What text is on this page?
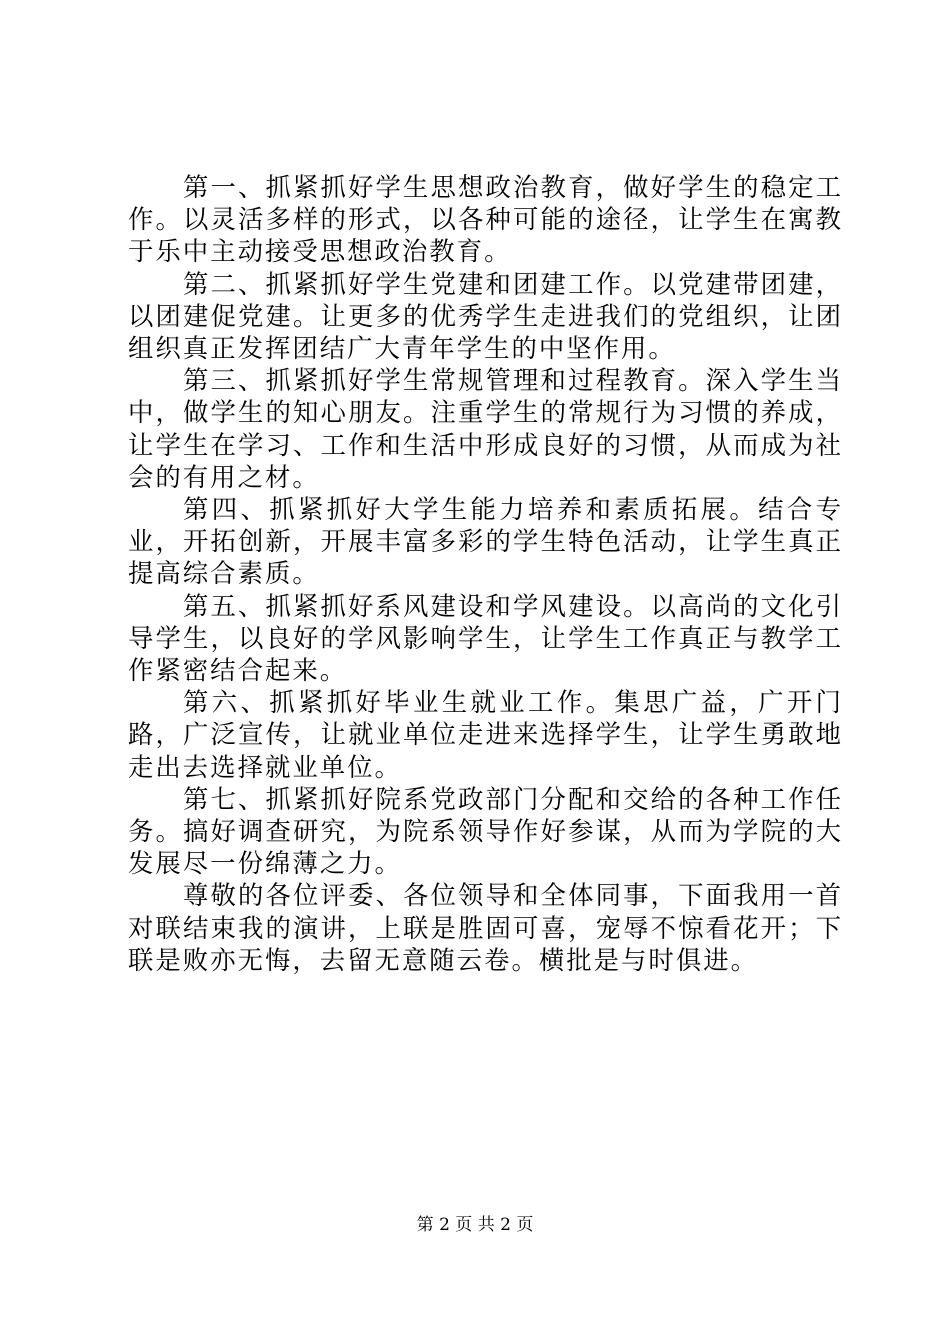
第一、抓紧抓好学生思想政治教育，做好学生的稳定工作。以灵活多样的形式，以各种可能的途径，让学生在寓教于乐中主动接受思想政治教育。

第二、抓紧抓好学生党建和团建工作。以党建带团建，以团建促党建。让更多的优秀学生走进我们的党组织，让团组织真正发挥团结广大青年学生的中坚作用。

第三、抓紧抓好学生常规管理和过程教育。深入学生当中，做学生的知心朋友。注重学生的常规行为习惯的养成，让学生在学习、工作和生活中形成良好的习惯，从而成为社会的有用之材。

第四、抓紧抓好大学生能力培养和素质拓展。结合专业，开拓创新，开展丰富多彩的学生特色活动，让学生真正提高综合素质。

第五、抓紧抓好系风建设和学风建设。以高尚的文化引导学生，以良好的学风影响学生，让学生工作真正与教学工作紧密结合起来。

第六、抓紧抓好毕业生就业工作。集思广益，广开门路，广泛宣传，让就业单位走进来选择学生，让学生勇敢地走出去选择就业单位。

第七、抓紧抓好院系党政部门分配和交给的各种工作任务。搞好调查研究，为院系领导作好参谋，从而为学院的大发展尽一份绵薄之力。

尊敬的各位评委、各位领导和全体同事，下面我用一首对联结束我的演讲，上联是胜固可喜，宠辱不惊看花开；下联是败亦无悔，去留无意随云卷。横批是与时俱进。

第 2 页 共 2 页
